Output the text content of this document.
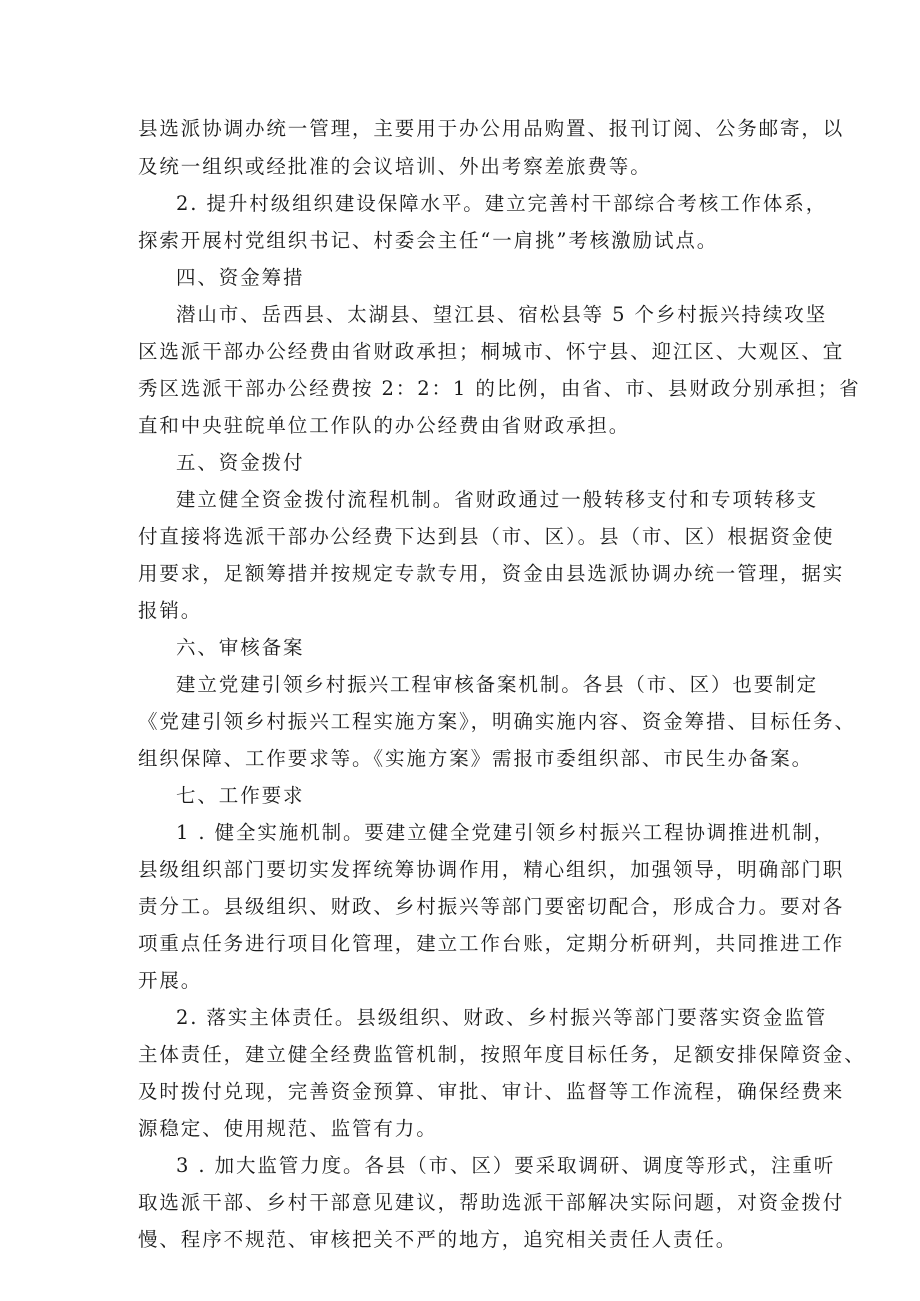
县选派协调办统一管理，主要用于办公用品购置、报刊订阅、公务邮寄，以
及统一组织或经批准的会议培训、外出考察差旅费等。
2. 提升村级组织建设保障水平。建立完善村干部综合考核工作体系，
探索开展村党组织书记、村委会主任“一肩挑”考核激励试点。
四、资金筹措
潜山市、岳西县、太湖县、望江县、宿松县等 5 个乡村振兴持续攻坚
区选派干部办公经费由省财政承担；桐城市、怀宁县、迎江区、大观区、宜
秀区选派干部办公经费按 2：2：1 的比例，由省、市、县财政分别承担；省
直和中央驻皖单位工作队的办公经费由省财政承担。
五、资金拨付
建立健全资金拨付流程机制。省财政通过一般转移支付和专项转移支
付直接将选派干部办公经费下达到县（市、区）。县（市、区）根据资金使
用要求，足额筹措并按规定专款专用，资金由县选派协调办统一管理，据实
报销。
六、审核备案
建立党建引领乡村振兴工程审核备案机制。各县（市、区）也要制定
《党建引领乡村振兴工程实施方案》，明确实施内容、资金筹措、目标任务、
组织保障、工作要求等。《实施方案》需报市委组织部、市民生办备案。
七、工作要求
1 . 健全实施机制。要建立健全党建引领乡村振兴工程协调推进机制，
县级组织部门要切实发挥统筹协调作用，精心组织，加强领导，明确部门职
责分工。县级组织、财政、乡村振兴等部门要密切配合，形成合力。要对各
项重点任务进行项目化管理，建立工作台账，定期分析研判，共同推进工作
开展。
2. 落实主体责任。县级组织、财政、乡村振兴等部门要落实资金监管
主体责任，建立健全经费监管机制，按照年度目标任务，足额安排保障资金、
及时拨付兑现，完善资金预算、审批、审计、监督等工作流程，确保经费来
源稳定、使用规范、监管有力。
3 . 加大监管力度。各县（市、区）要采取调研、调度等形式，注重听
取选派干部、乡村干部意见建议，帮助选派干部解决实际问题，对资金拨付
慢、程序不规范、审核把关不严的地方，追究相关责任人责任。
